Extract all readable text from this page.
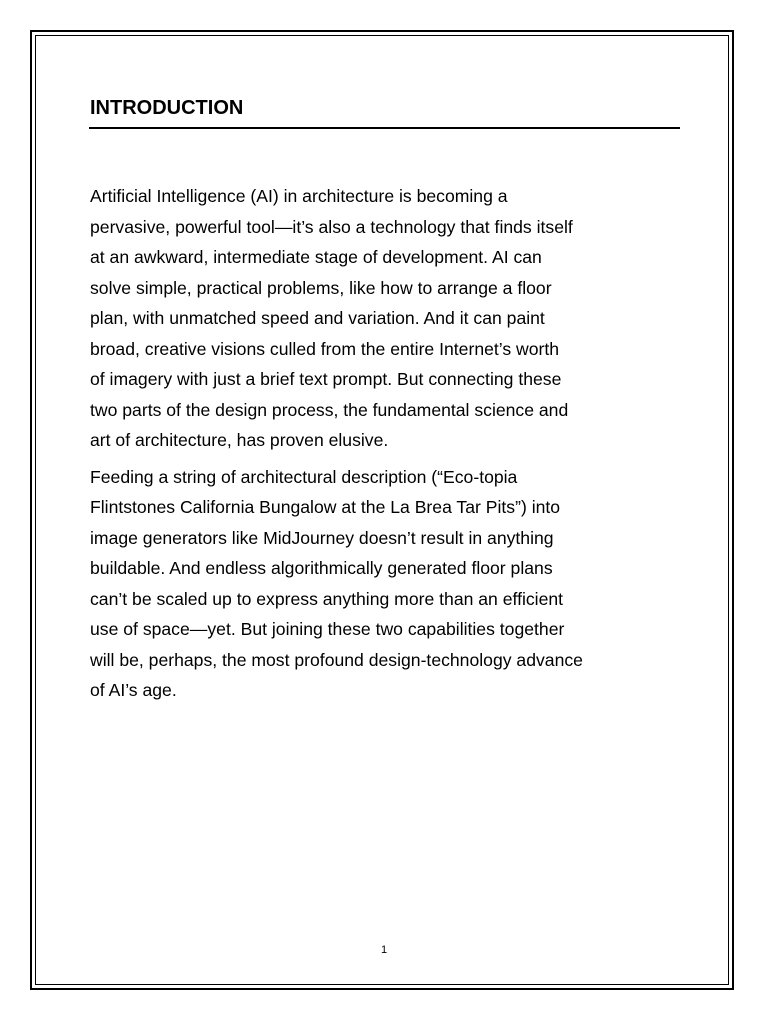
INTRODUCTION

Artificial Intelligence (AI) in architecture is becoming a
pervasive, powerful tool—it’s also a technology that finds itself
at an awkward, intermediate stage of development. AI can
solve simple, practical problems, like how to arrange a floor
plan, with unmatched speed and variation. And it can paint
broad, creative visions culled from the entire Internet’s worth
of imagery with just a brief text prompt. But connecting these
two parts of the design process, the fundamental science and
art of architecture, has proven elusive.

Feeding a string of architectural description (“Eco-topia
Flintstones California Bungalow at the La Brea Tar Pits”) into
image generators like MidJourney doesn’t result in anything
buildable. And endless algorithmically generated floor plans
can’t be scaled up to express anything more than an efficient
use of space—yet. But joining these two capabilities together
will be, perhaps, the most profound design-technology advance
of AI’s age.

1
